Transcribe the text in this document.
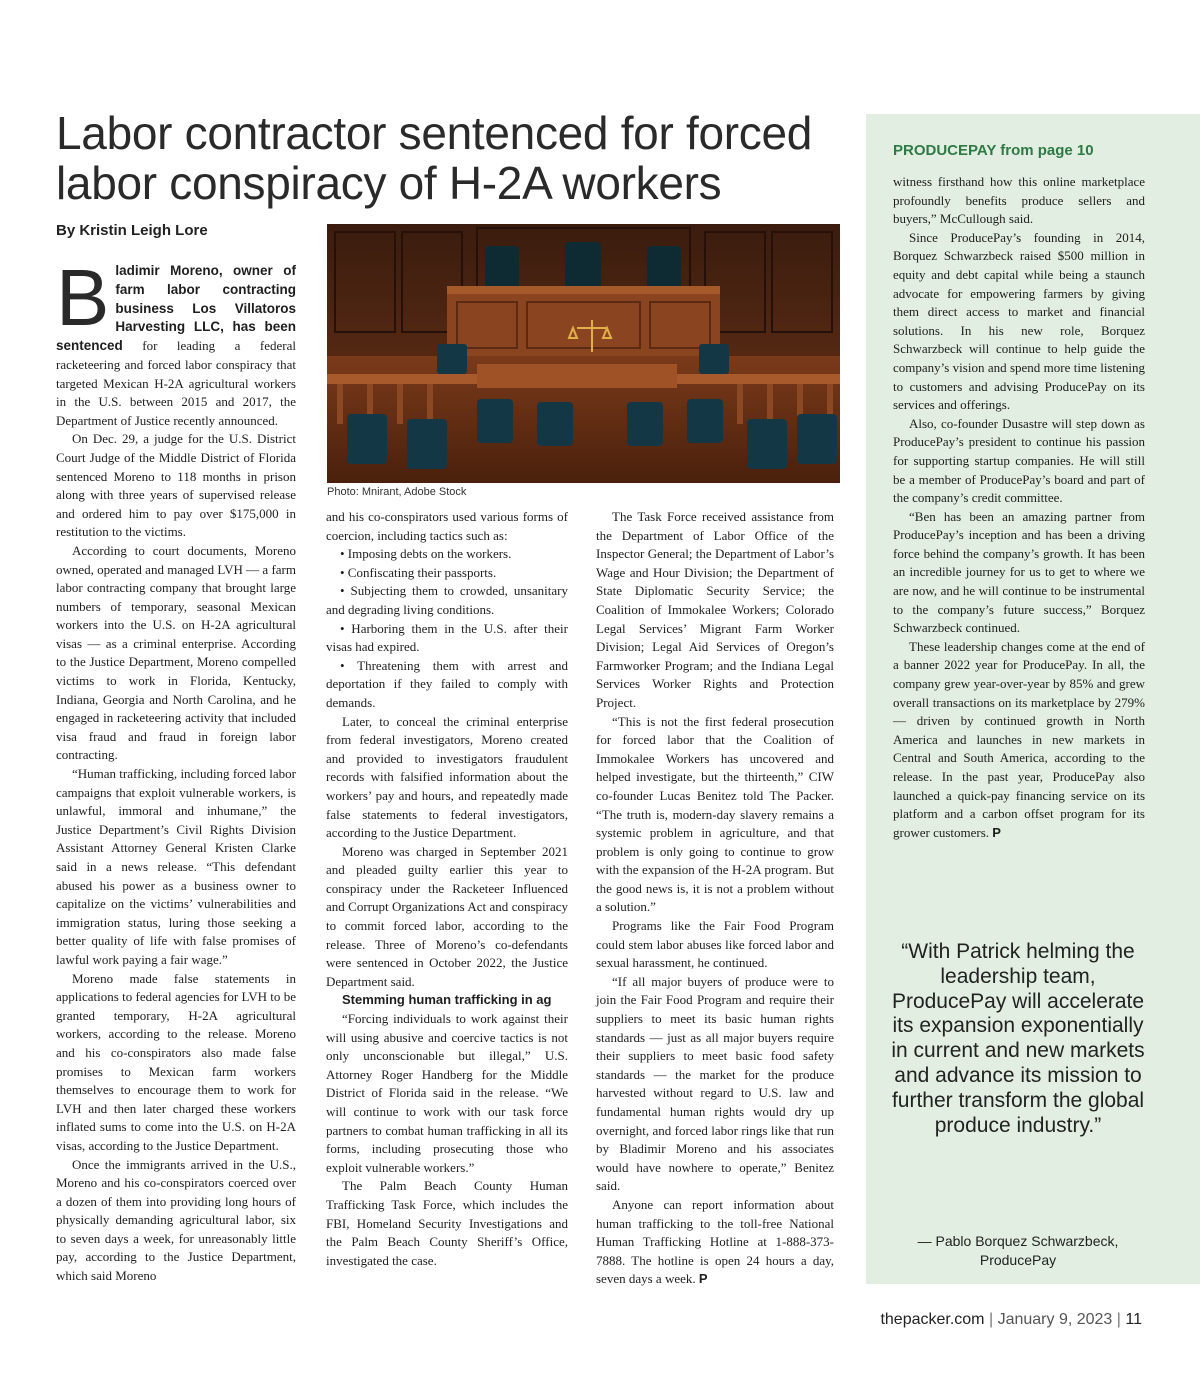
Labor contractor sentenced for forced labor conspiracy of H-2A workers
By Kristin Leigh Lore
B ladimir Moreno, owner of farm labor contracting business Los Villatoros Harvesting LLC, has been sentenced for leading a federal racketeering and forced labor conspiracy that targeted Mexican H-2A agricultural workers in the U.S. between 2015 and 2017, the Department of Justice recently announced.

On Dec. 29, a judge for the U.S. District Court Judge of the Middle District of Florida sentenced Moreno to 118 months in prison along with three years of supervised release and ordered him to pay over $175,000 in restitution to the victims.

According to court documents, Moreno owned, operated and managed LVH — a farm labor contracting company that brought large numbers of temporary, seasonal Mexican workers into the U.S. on H-2A agricultural visas — as a criminal enterprise. According to the Justice Department, Moreno compelled victims to work in Florida, Kentucky, Indiana, Georgia and North Carolina, and he engaged in racketeering activity that included visa fraud and fraud in foreign labor contracting.

“Human trafficking, including forced labor campaigns that exploit vulnerable workers, is unlawful, immoral and inhumane,” the Justice Department’s Civil Rights Division Assistant Attorney General Kristen Clarke said in a news release. “This defendant abused his power as a business owner to capitalize on the victims’ vulnerabilities and immigration status, luring those seeking a better quality of life with false promises of lawful work paying a fair wage.”

Moreno made false statements in applications to federal agencies for LVH to be granted temporary, H-2A agricultural workers, according to the release. Moreno and his co-conspirators also made false promises to Mexican farm workers themselves to encourage them to work for LVH and then later charged these workers inflated sums to come into the U.S. on H-2A visas, according to the Justice Department.

Once the immigrants arrived in the U.S., Moreno and his co-conspirators coerced over a dozen of them into providing long hours of physically demanding agricultural labor, six to seven days a week, for unreasonably little pay, according to the Justice Department, which said Moreno

Photo: Mnirant, Adobe Stock

and his co-conspirators used various forms of coercion, including tactics such as:

• Imposing debts on the workers.

• Confiscating their passports.

• Subjecting them to crowded, unsanitary and degrading living conditions.

• Harboring them in the U.S. after their visas had expired.

• Threatening them with arrest and deportation if they failed to comply with demands.

Later, to conceal the criminal enterprise from federal investigators, Moreno created and provided to investigators fraudulent records with falsified information about the workers’ pay and hours, and repeatedly made false statements to federal investigators, according to the Justice Department.

Moreno was charged in September 2021 and pleaded guilty earlier this year to conspiracy under the Racketeer Influenced and Corrupt Organizations Act and conspiracy to commit forced labor, according to the release. Three of Moreno’s co-defendants were sentenced in October 2022, the Justice Department said.

Stemming human trafficking in ag

“Forcing individuals to work against their will using abusive and coercive tactics is not only unconscionable but illegal,” U.S. Attorney Roger Handberg for the Middle District of Florida said in the release. “We will continue to work with our task force partners to combat human trafficking in all its forms, including prosecuting those who exploit vulnerable workers.”

The Palm Beach County Human Trafficking Task Force, which includes the FBI, Homeland Security Investigations and the Palm Beach County Sheriff’s Office, investigated the case.

The Task Force received assistance from the Department of Labor Office of the Inspector General; the Department of Labor’s Wage and Hour Division; the Department of State Diplomatic Security Service; the Coalition of Immokalee Workers; Colorado Legal Services’ Migrant Farm Worker Division; Legal Aid Services of Oregon’s Farmworker Program; and the Indiana Legal Services Worker Rights and Protection Project.

“This is not the first federal prosecution for forced labor that the Coalition of Immokalee Workers has uncovered and helped investigate, but the thirteenth,” CIW co-founder Lucas Benitez told The Packer. “The truth is, modern-day slavery remains a systemic problem in agriculture, and that problem is only going to continue to grow with the expansion of the H-2A program. But the good news is, it is not a problem without a solution.”

Programs like the Fair Food Program could stem labor abuses like forced labor and sexual harassment, he continued.

“If all major buyers of produce were to join the Fair Food Program and require their suppliers to meet its basic human rights standards — just as all major buyers require their suppliers to meet basic food safety standards — the market for the produce harvested without regard to U.S. law and fundamental human rights would dry up overnight, and forced labor rings like that run by Bladimir Moreno and his associates would have nowhere to operate,” Benitez said.

Anyone can report information about human trafficking to the toll-free National Human Trafficking Hotline at 1-888-373-7888. The hotline is open 24 hours a day, seven days a week. P

PRODUCEPAY from page 10

witness firsthand how this online marketplace profoundly benefits produce sellers and buyers,” McCullough said.

Since ProducePay’s founding in 2014, Borquez Schwarzbeck raised $500 million in equity and debt capital while being a staunch advocate for empowering farmers by giving them direct access to market and financial solutions. In his new role, Borquez Schwarzbeck will continue to help guide the company’s vision and spend more time listening to customers and advising ProducePay on its services and offerings.

Also, co-founder Dusastre will step down as ProducePay’s president to continue his passion for supporting startup companies. He will still be a member of ProducePay’s board and part of the company’s credit committee.

“Ben has been an amazing partner from ProducePay’s inception and has been a driving force behind the company’s growth. It has been an incredible journey for us to get to where we are now, and he will continue to be instrumental to the company’s future success,” Borquez Schwarzbeck continued.

These leadership changes come at the end of a banner 2022 year for ProducePay. In all, the company grew year-over-year by 85% and grew overall transactions on its marketplace by 279% — driven by continued growth in North America and launches in new markets in Central and South America, according to the release. In the past year, ProducePay also launched a quick-pay financing service on its platform and a carbon offset program for its grower customers. P

“With Patrick helming the leadership team, ProducePay will accelerate its expansion exponentially in current and new markets and advance its mission to further transform the global produce industry.”

— Pablo Borquez Schwarzbeck,
ProducePay
thepacker.com | January 9, 2023 | 11
